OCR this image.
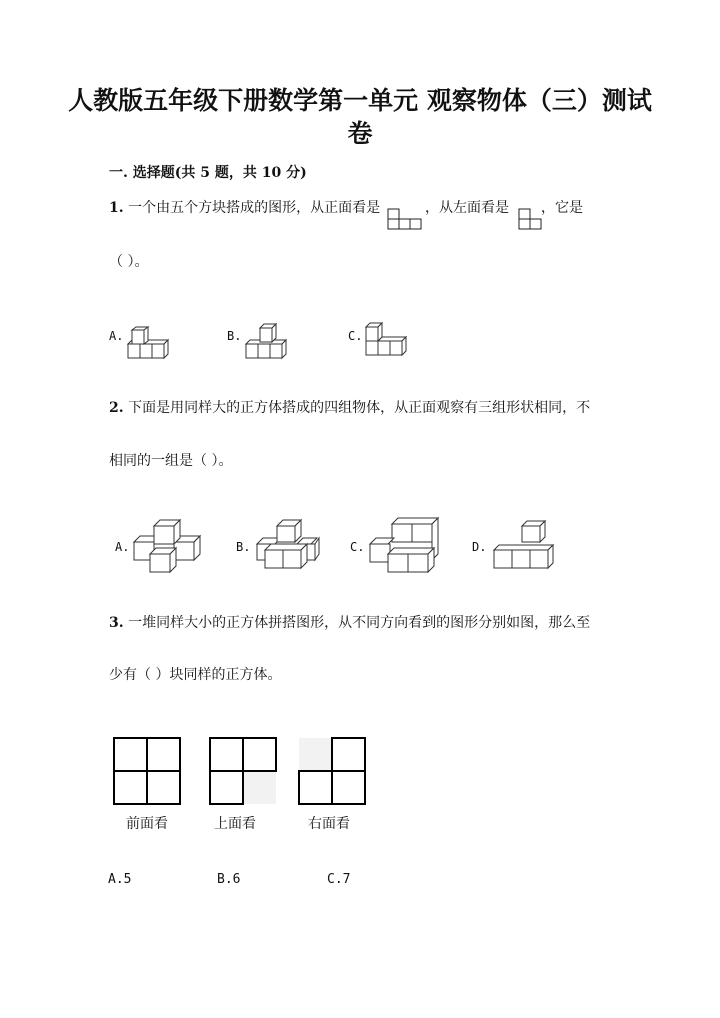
人教版五年级下册数学第一单元 观察物体（三）测试卷
一. 选择题(共 5 题，共 10 分)
1. 一个由五个方块搭成的图形，从正面看是	，从左面看是 ，它是
（ ）。
A.	B.	C.
2. 下面是用同样大的正方体搭成的四组物体，从正面观察有三组形状相同，不
相同的一组是（ ）。
A.	B.	C.	D.
3. 一堆同样大小的正方体拼搭图形，从不同方向看到的图形分别如图，那么至
少有（ ）块同样的正方体。
前面看	上面看	右面看
A.5	B.6	C.7
